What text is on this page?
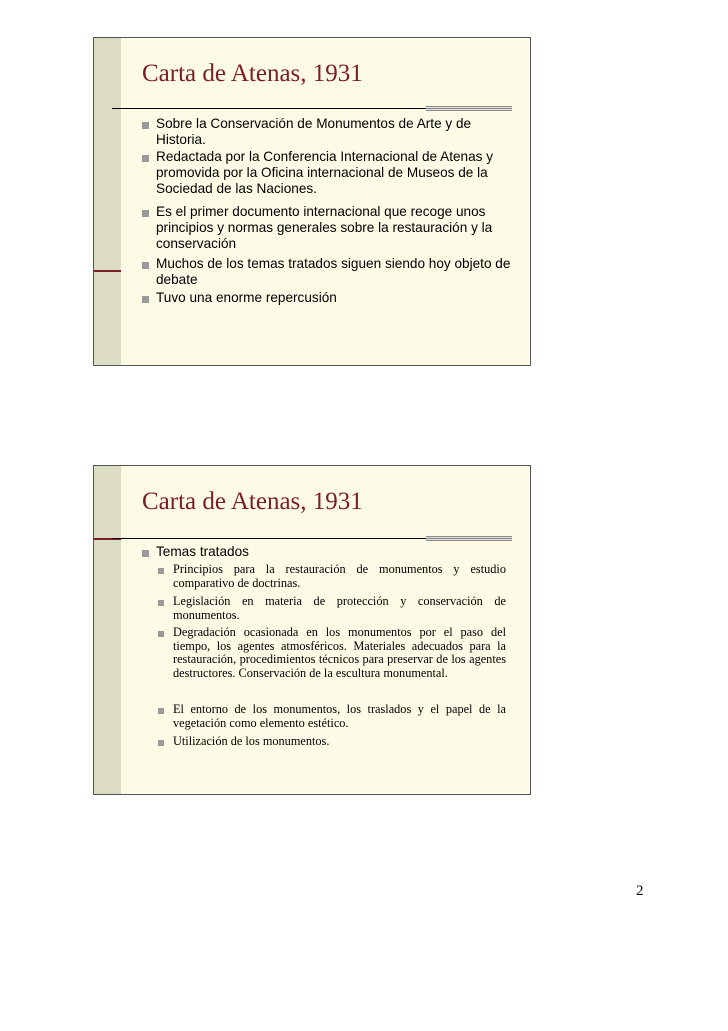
Carta de Atenas, 1931
Sobre la Conservación de Monumentos de Arte y de Historia.
Redactada por la Conferencia Internacional de Atenas y promovida por la Oficina internacional de Museos de la Sociedad de las Naciones.
Es el primer documento internacional que recoge unos principios y normas generales sobre la restauración y la conservación
Muchos de los temas tratados siguen siendo hoy objeto de debate
Tuvo una enorme repercusión
Carta de Atenas, 1931
Temas tratados
Principios para la restauración de monumentos y estudio comparativo de doctrinas.
Legislación en materia de protección y conservación de monumentos.
Degradación ocasionada en los monumentos por el paso del tiempo, los agentes atmosféricos. Materiales adecuados para la restauración, procedimientos técnicos para preservar de los agentes destructores. Conservación de la escultura monumental.
El entorno de los monumentos, los traslados y el papel de la vegetación como elemento estético.
Utilización de los monumentos.
2
